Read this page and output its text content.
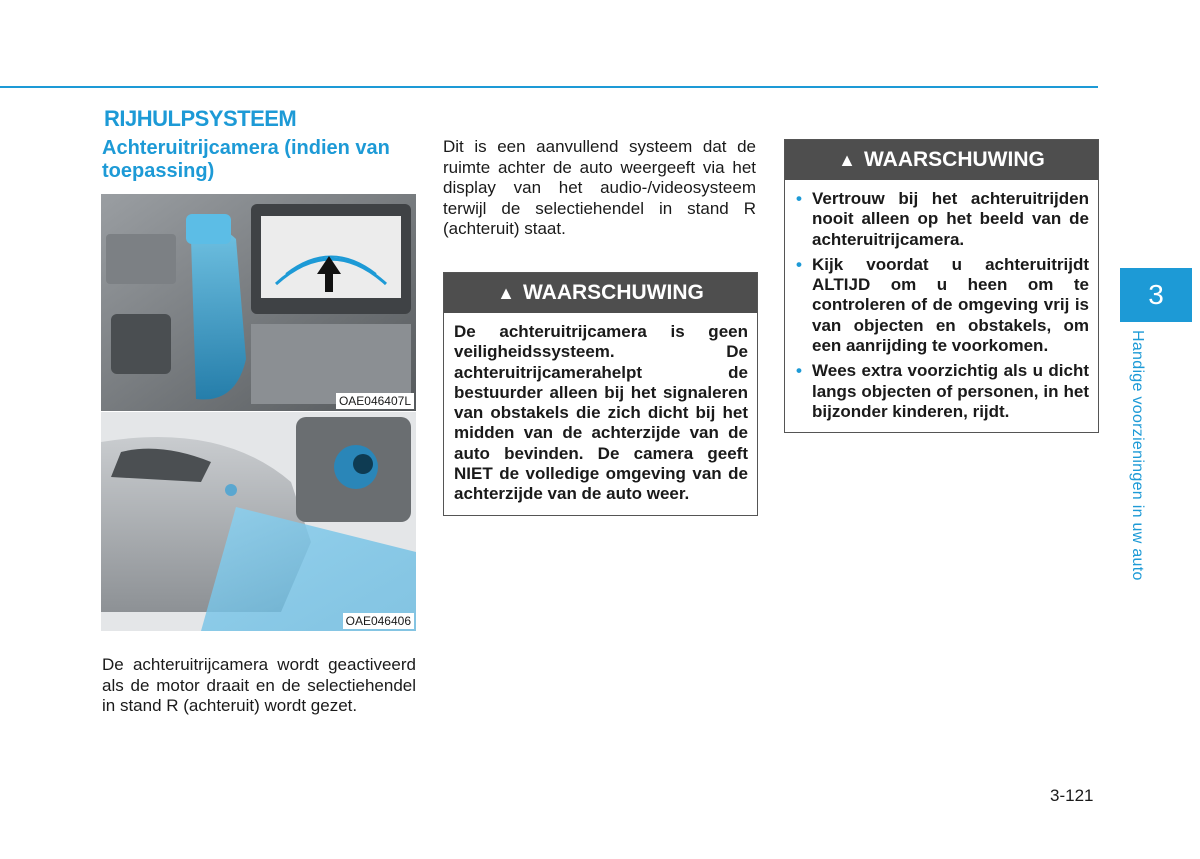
RIJHULPSYSTEEM
Achteruitrijcamera (indien van toepassing)
OAE046407L
OAE046406

De achteruitrijcamera wordt geactiveerd als de motor draait en de selectiehendel in stand R (achteruit) wordt gezet.

Dit is een aanvullend systeem dat de ruimte achter de auto weergeeft via het display van het audio-/videosysteem terwijl de selectiehendel in stand R (achteruit) staat.

▲ WAARSCHUWING
De achteruitrijcamera is geen veiligheidssysteem. De achteruitrijcamerahelpt de bestuurder alleen bij het signaleren van obstakels die zich dicht bij het midden van de achterzijde van de auto bevinden. De camera geeft NIET de volledige omgeving van de achterzijde van de auto weer.
▲ WAARSCHUWING
• Vertrouw bij het achteruitrijden nooit alleen op het beeld van de achteruitrijcamera.
• Kijk voordat u achteruitrijdt ALTIJD om u heen om te controleren of de omgeving vrij is van objecten en obstakels, om een aanrijding te voorkomen.
• Wees extra voorzichtig als u dicht langs objecten of personen, in het bijzonder kinderen, rijdt.
3
Handige voorzieningen in uw auto
3-121
